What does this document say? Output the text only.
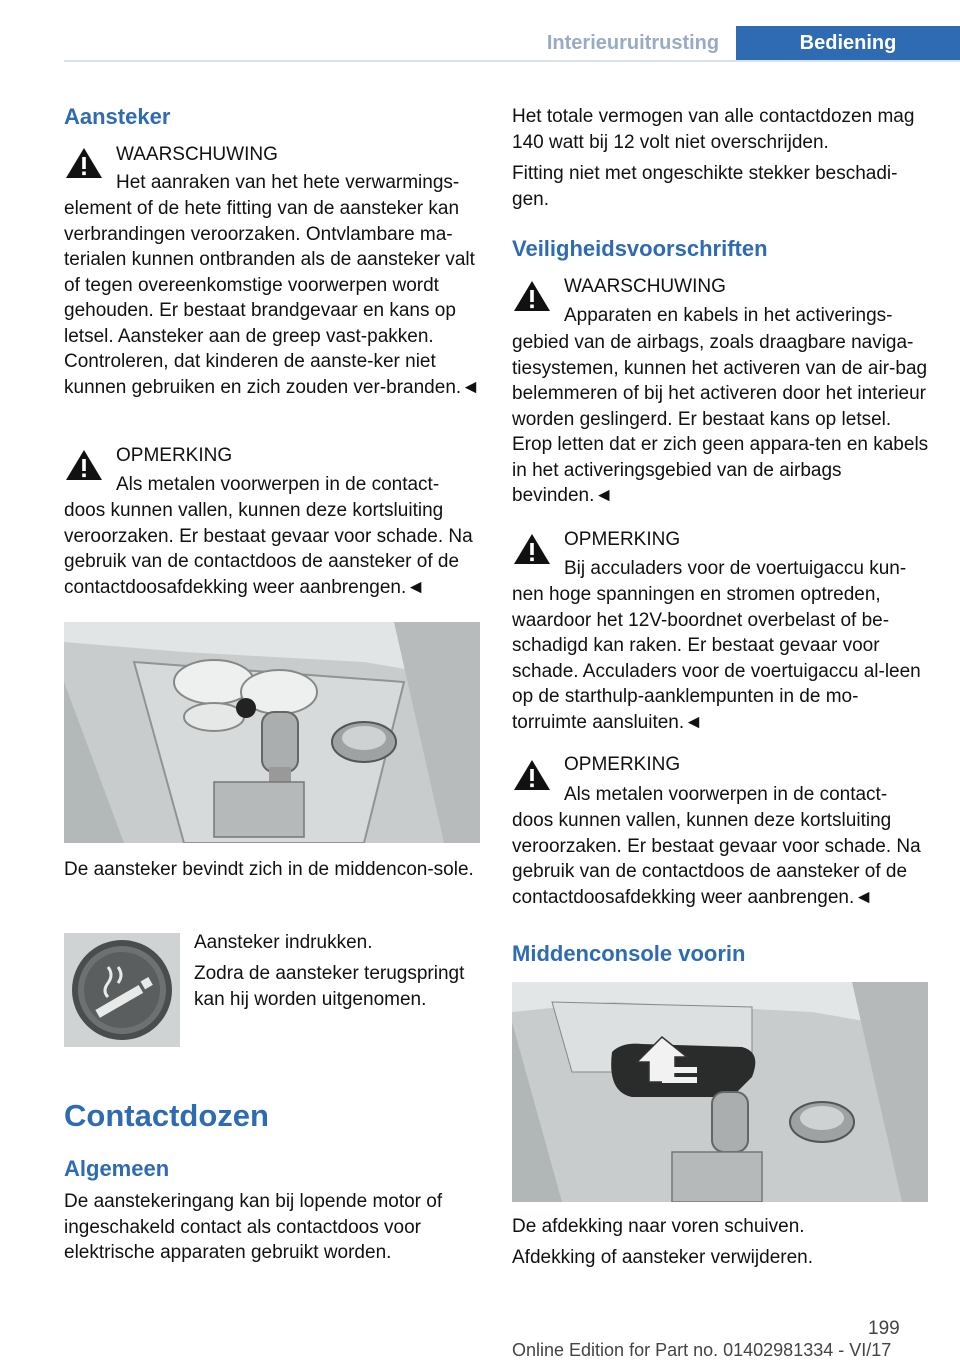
Interieuruitrusting	Bediening
Aansteker
WAARSCHUWING
Het aanraken van het hete verwarmings-
element of de hete fitting van de aansteker kan verbrandingen veroorzaken. Ontvlambare ma-terialen kunnen ontbranden als de aansteker valt of tegen overeenkomstige voorwerpen wordt gehouden. Er bestaat brandgevaar en kans op letsel. Aansteker aan de greep vast-pakken. Controleren, dat kinderen de aanste-ker niet kunnen gebruiken en zich zouden ver-branden.◄
OPMERKING
Als metalen voorwerpen in de contact-
doos kunnen vallen, kunnen deze kortsluiting veroorzaken. Er bestaat gevaar voor schade. Na gebruik van de contactdoos de aansteker of de contactdoosafdekking weer aanbrengen.◄
De aansteker bevindt zich in de middencon-sole.
Aansteker indrukken.
Zodra de aansteker terugspringt kan hij worden uitgenomen.
Contactdozen
Algemeen
De aanstekeringang kan bij lopende motor of ingeschakeld contact als contactdoos voor elektrische apparaten gebruikt worden.
Het totale vermogen van alle contactdozen mag 140 watt bij 12 volt niet overschrijden.
Fitting niet met ongeschikte stekker beschadi-gen.
Veiligheidsvoorschriften
WAARSCHUWING
Apparaten en kabels in het activerings-
gebied van de airbags, zoals draagbare naviga-tiesystemen, kunnen het activeren van de air-bag belemmeren of bij het activeren door het interieur worden geslingerd. Er bestaat kans op letsel. Erop letten dat er zich geen appara-ten en kabels in het activeringsgebied van de airbags bevinden.◄
OPMERKING
Bij acculaders voor de voertuigaccu kun-
nen hoge spanningen en stromen optreden, waardoor het 12V-boordnet overbelast of be-schadigd kan raken. Er bestaat gevaar voor schade. Acculaders voor de voertuigaccu al-leen op de starthulp-aanklempunten in de mo-torruimte aansluiten.◄
OPMERKING
Als metalen voorwerpen in de contact-
doos kunnen vallen, kunnen deze kortsluiting veroorzaken. Er bestaat gevaar voor schade. Na gebruik van de contactdoos de aansteker of de contactdoosafdekking weer aanbrengen.◄
Middenconsole voorin
De afdekking naar voren schuiven.
Afdekking of aansteker verwijderen.
199
Online Edition for Part no. 01402981334 - VI/17
